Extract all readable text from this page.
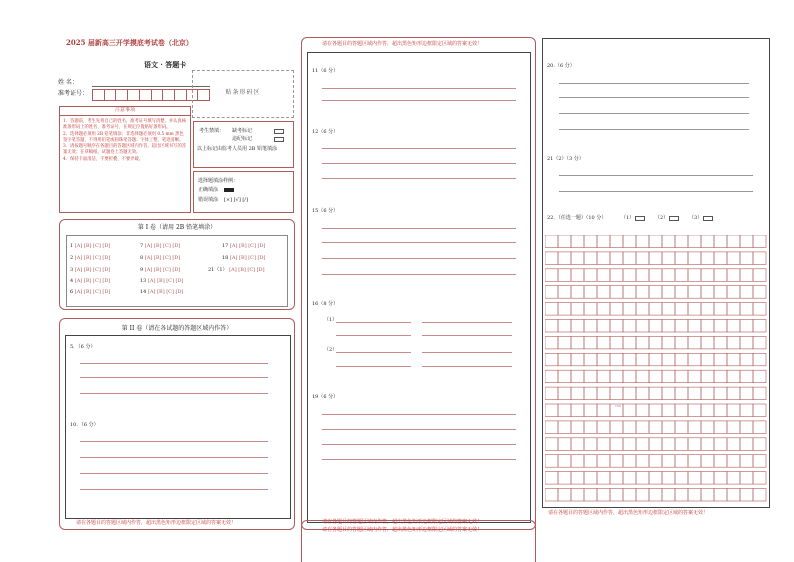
2025 届新高三开学摸底考试卷（北京）
语文 · 答题卡
姓 名：
准考证号：	贴条形码区
注意事项
1．答题前，考生先将自己的姓名，准考证号填写清楚，并认真核准条形码上的姓名、准考证号，在规定位置贴好条形码。
2．选择题必须用 2B 铅笔填涂；非选择题必须用 0.5 mm 黑色签字笔答题，不得用铅笔或圆珠笔答题；字体工整、笔迹清晰。
3．请按题号顺序在各题目的答题区域内作答，超出区域书写的答案无效；在草稿纸、试题卷上答题无效。
4．保持卡面清洁，不要折叠、不要弄破。
考生禁填： 缺考标记
违纪标记
以上标记由监考人员用 2B 铅笔填涂
选择题填涂样例：
正确填涂
错误填涂 [×] [√] [/]
第 I 卷（请用 2B 铅笔填涂）
1 [A] [B] [C] [D]	7 [A] [B] [C] [D]	17 [A] [B] [C] [D]
2 [A] [B] [C] [D]	8 [A] [B] [C] [D]	18 [A] [B] [C] [D]
3 [A] [B] [C] [D]	9 [A] [B] [C] [D]	21（1） [A] [B] [C] [D]
4 [A] [B] [C] [D]	13 [A] [B] [C] [D]
6 [A] [B] [C] [D]	14 [A] [B] [C] [D]
第 II 卷（请在各试题的答题区域内作答）
5．（6 分）
10．（6 分）
请在各题目的答题区域内作答，超出黑色矩形边框限定区域的答案无效！
请在各题目的答题区域内作答，超出黑色矩形边框限定区域的答案无效！
11（6 分）
12（6 分）
15（6 分）
16（8 分）
（1）
（2）
19（6 分）
请在各题目的答题区域内作答，超出黑色矩形边框限定区域的答案无效！
请在各题目的答题区域内作答，超出黑色矩形边框限定区域的答案无效！
20.（6 分）
21（2）（3 分）
22．（任选一题）（10 分）	（1）	（2）	（3）
150
请在各题目的答题区域内作答，超出黑色矩形边框限定区域的答案无效！
